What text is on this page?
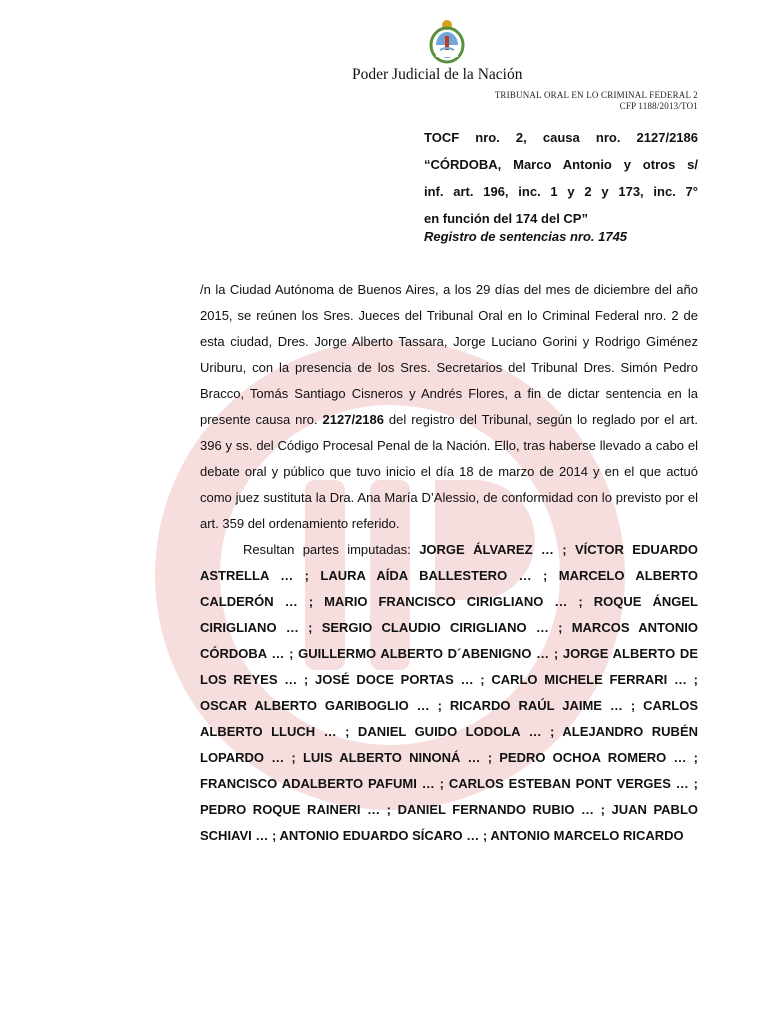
Poder Judicial de la Nación
TRIBUNAL ORAL EN LO CRIMINAL FEDERAL 2
CFP 1188/2013/TO1
TOCF nro. 2, causa nro. 2127/2186
“CÓRDOBA, Marco Antonio y otros s/
inf. art. 196, inc. 1 y 2 y 173, inc. 7°
en función del 174 del CP”
Registro de sentencias nro. 1745

/n la Ciudad Autónoma de Buenos Aires, a los 29 días del mes de diciembre del año 2015, se reúnen los Sres. Jueces del Tribunal Oral en lo Criminal Federal nro. 2 de esta ciudad, Dres. Jorge Alberto Tassara, Jorge Luciano Gorini y Rodrigo Giménez Uriburu, con la presencia de los Sres. Secretarios del Tribunal Dres. Simón Pedro Bracco, Tomás Santiago Cisneros y Andrés Flores, a fin de dictar sentencia en la presente causa nro. 2127/2186 del registro del Tribunal, según lo reglado por el art. 396 y ss. del Código Procesal Penal de la Nación. Ello, tras haberse llevado a cabo el debate oral y público que tuvo inicio el día 18 de marzo de 2014 y en el que actuó como juez sustituta la Dra. Ana María D’Alessio, de conformidad con lo previsto por el art. 359 del ordenamiento referido.

Resultan partes imputadas: JORGE ÁLVAREZ … ; VÍCTOR EDUARDO ASTRELLA … ; LAURA AÍDA BALLESTERO … ; MARCELO ALBERTO CALDERÓN … ; MARIO FRANCISCO CIRIGLIANO … ; ROQUE ÁNGEL CIRIGLIANO … ; SERGIO CLAUDIO CIRIGLIANO … ; MARCOS ANTONIO CÓRDOBA … ; GUILLERMO ALBERTO D´ABENIGNO … ; JORGE ALBERTO DE LOS REYES … ; JOSÉ DOCE PORTAS … ; CARLO MICHELE FERRARI … ; OSCAR ALBERTO GARIBOGLIO … ; RICARDO RAÚL JAIME … ; CARLOS ALBERTO LLUCH … ; DANIEL GUIDO LODOLA … ; ALEJANDRO RUBÉN LOPARDO … ; LUIS ALBERTO NINONÁ … ; PEDRO OCHOA ROMERO … ; FRANCISCO ADALBERTO PAFUMI … ; CARLOS ESTEBAN PONT VERGES … ; PEDRO ROQUE RAINERI … ; DANIEL FERNANDO RUBIO … ; JUAN PABLO SCHIAVI … ; ANTONIO EDUARDO SÍCARO … ; ANTONIO MARCELO RICARDO
